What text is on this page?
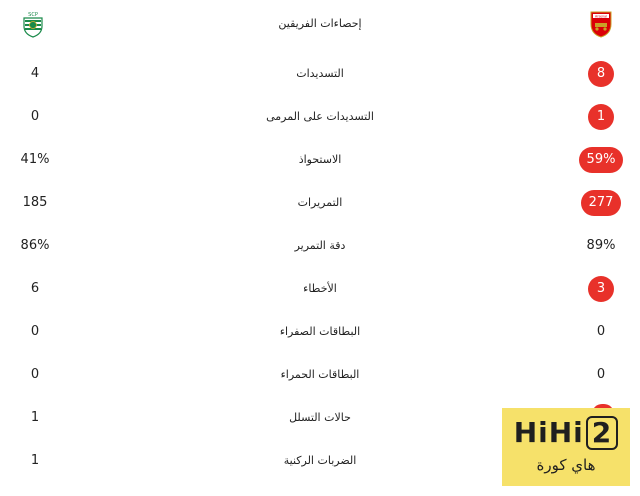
SCP
إحصاءات الفريقين
Arsenal
4	التسديدات	8
0	التسديدات على المرمى	1
41%	الاستحواذ	59%
185	التمريرات	277
86%	دقة التمرير	89%
6	الأخطاء	3
0	البطاقات الصفراء	0
0	البطاقات الحمراء	0
1	حالات التسلل
1	الضربات الركنية
HiHi 2
هاي كورة
